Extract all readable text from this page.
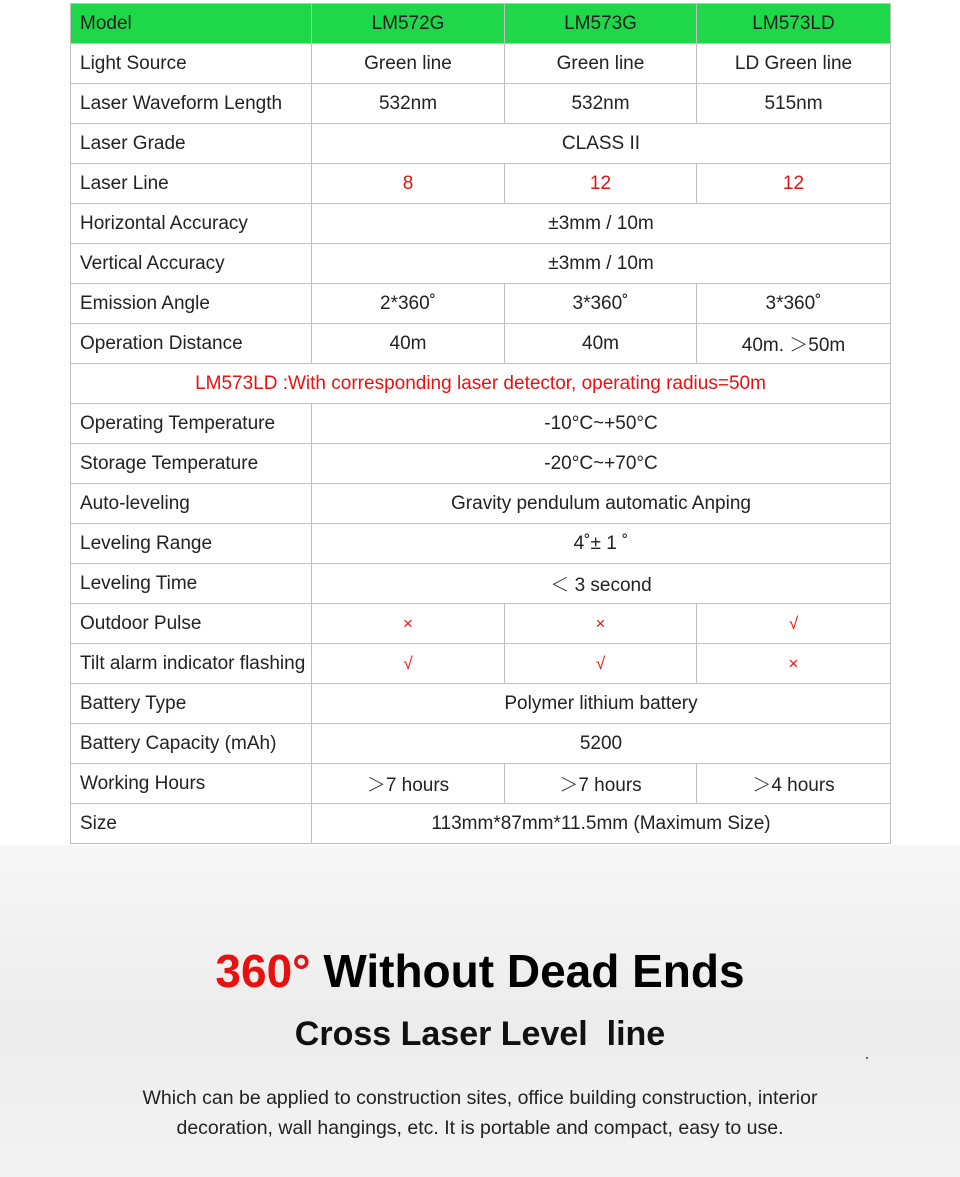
Model	LM572G	LM573G	LM573LD
Light Source	Green line	Green line	LD Green line
Laser Waveform Length	532nm	532nm	515nm
Laser Grade	CLASS II		
Laser Line	8	12	12
Horizontal Accuracy	±3mm / 10m		
Vertical Accuracy	±3mm / 10m		
Emission Angle	2*360˚	3*360˚	3*360˚
Operation Distance	40m	40m	40m. ＞50m
LM573LD :With corresponding laser detector, operating radius=50m			
Operating Temperature	-10°C~+50°C		
Storage Temperature	-20°C~+70°C		
Auto-leveling	Gravity pendulum automatic Anping		
Leveling Range	4˚± 1 ˚		
Leveling Time	＜ 3 second		
Outdoor Pulse	×	×	√
Tilt alarm indicator flashing	√	√	×
Battery Type	Polymer lithium battery		
Battery Capacity (mAh)	5200		
Working Hours	＞7 hours	＞7 hours	＞4 hours
Size	113mm*87mm*11.5mm (Maximum Size)		
360° Without Dead Ends
Cross Laser Level  line
Which can be applied to construction sites, office building construction, interior decoration, wall hangings, etc. It is portable and compact, easy to use.
